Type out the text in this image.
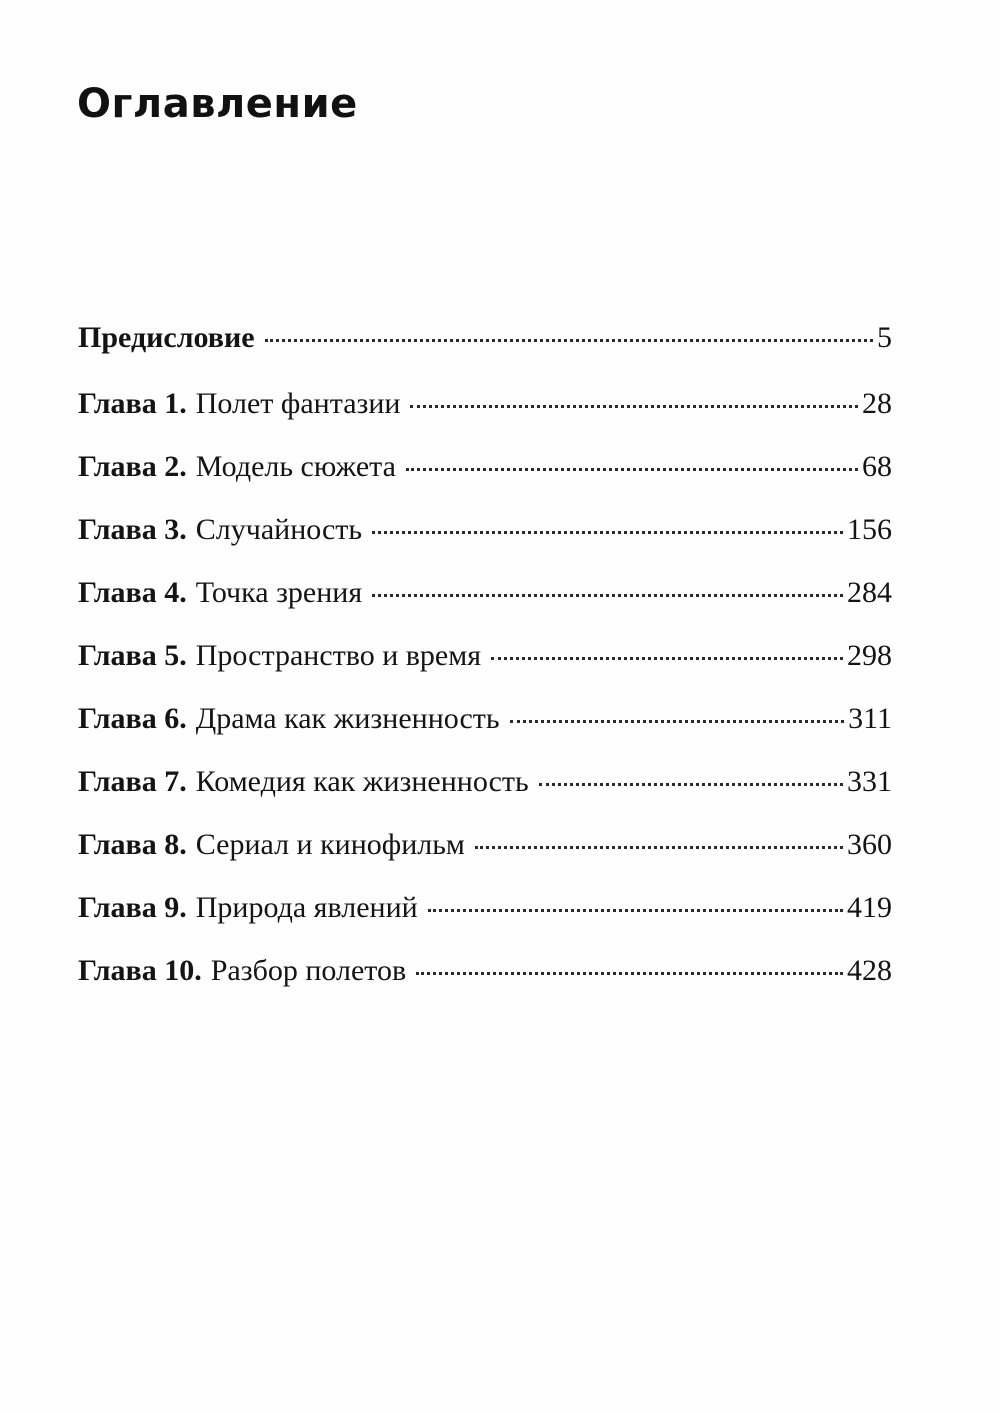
Оглавление
Предисловие	5
Глава 1. Полет фантазии	28
Глава 2. Модель сюжета	68
Глава 3. Случайность	156
Глава 4. Точка зрения	284
Глава 5. Пространство и время	298
Глава 6. Драма как жизненность	311
Глава 7. Комедия как жизненность	331
Глава 8. Сериал и кинофильм	360
Глава 9. Природа явлений	419
Глава 10. Разбор полетов	428
